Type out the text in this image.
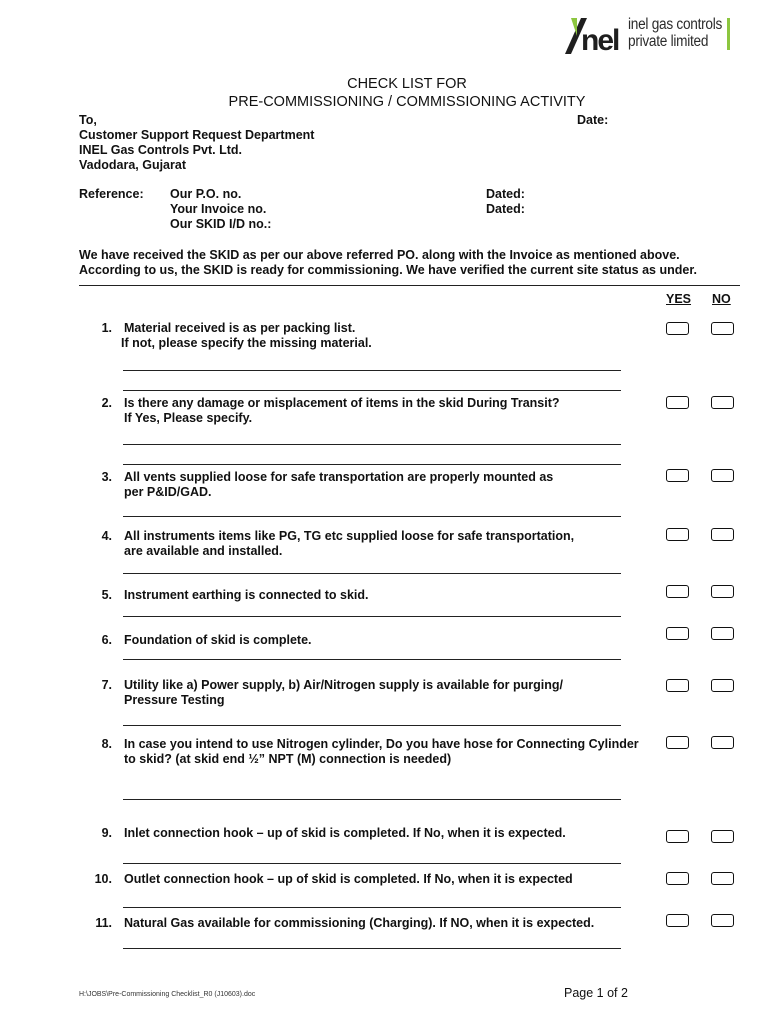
nel inel gas controls
private limited
CHECK LIST FOR
PRE-COMMISSIONING / COMMISSIONING ACTIVITY
To,	Date:
Customer Support Request Department
INEL Gas Controls Pvt. Ltd.
Vadodara, Gujarat
Reference: Our P.O. no.
Your Invoice no.
Our SKID I/D no.:
Dated:
Dated:
We have received the SKID as per our above referred PO. along with the Invoice as mentioned above.
According to us, the SKID is ready for commissioning. We have verified the current site status as under.
YES NO
1. Material received is as per packing list.
If not, please specify the missing material.
2. Is there any damage or misplacement of items in the skid During Transit?
If Yes, Please specify.
3. All vents supplied loose for safe transportation are properly mounted as
per P&ID/GAD.
4. All instruments items like PG, TG etc supplied loose for safe transportation,
are available and installed.
5. Instrument earthing is connected to skid.
6. Foundation of skid is complete.
7. Utility like a) Power supply, b) Air/Nitrogen supply is available for purging/
Pressure Testing
8. In case you intend to use Nitrogen cylinder, Do you have hose for Connecting Cylinder
to skid? (at skid end ½” NPT (M) connection is needed)
9. Inlet connection hook – up of skid is completed. If No, when it is expected.
10. Outlet connection hook – up of skid is completed. If No, when it is expected
11. Natural Gas available for commissioning (Charging). If NO, when it is expected.
H:\JOBS\Pre-Commissioning Checklist_R0 (J10603).doc	Page 1 of 2
